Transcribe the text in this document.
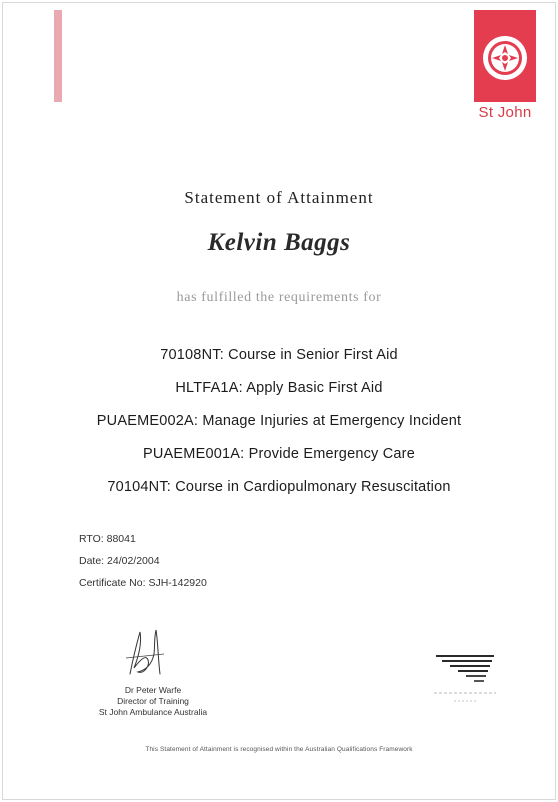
St John
Statement of Attainment
Kelvin Baggs
has fulfilled the requirements for
70108NT: Course in Senior First Aid
HLTFA1A: Apply Basic First Aid
PUAEME002A: Manage Injuries at Emergency Incident
PUAEME001A: Provide Emergency Care
70104NT: Course in Cardiopulmonary Resuscitation
RTO: 88041
Date: 24/02/2004
Certificate No: SJH-142920
Dr Peter Warfe
Director of Training
St John Ambulance Australia
This Statement of Attainment is recognised within the Australian Qualifications Framework
